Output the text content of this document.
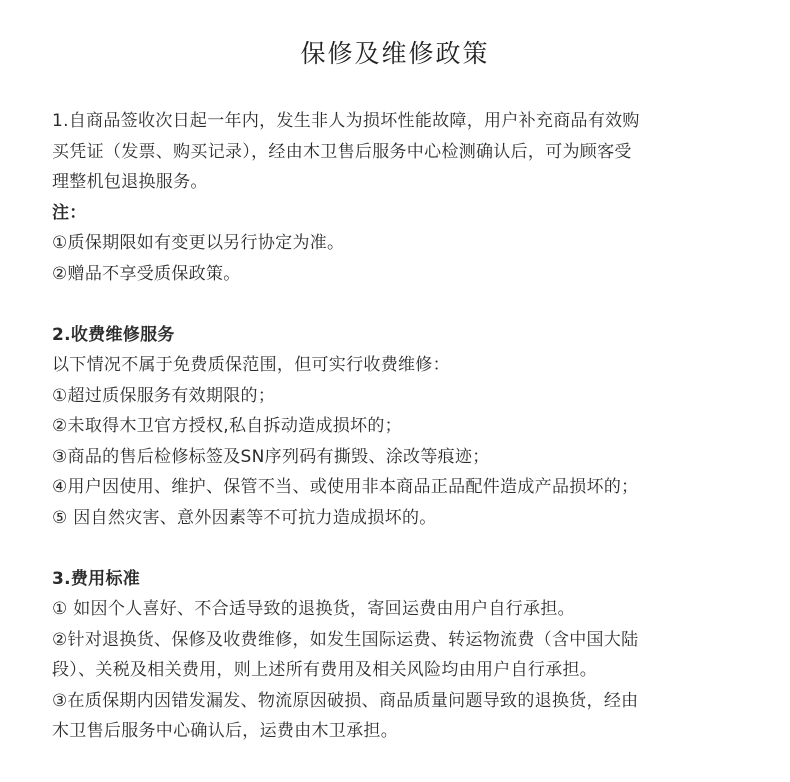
保修及维修政策
1.自商品签收次日起一年内，发生非人为损坏性能故障，用户补充商品有效购
买凭证（发票、购买记录），经由木卫售后服务中心检测确认后，可为顾客受
理整机包退换服务。
注：
①质保期限如有变更以另行协定为准。
②赠品不享受质保政策。
2.收费维修服务
以下情况不属于免费质保范围，但可实行收费维修：
①超过质保服务有效期限的；
②未取得木卫官方授权,私自拆动造成损坏的；
③商品的售后检修标签及SN序列码有撕毁、涂改等痕迹；
④用户因使用、维护、保管不当、或使用非本商品正品配件造成产品损坏的；
⑤ 因自然灾害、意外因素等不可抗力造成损坏的。
3.费用标准
① 如因个人喜好、不合适导致的退换货，寄回运费由用户自行承担。
②针对退换货、保修及收费维修，如发生国际运费、转运物流费（含中国大陆
段）、关税及相关费用，则上述所有费用及相关风险均由用户自行承担。
③在质保期内因错发漏发、物流原因破损、商品质量问题导致的退换货，经由
木卫售后服务中心确认后，运费由木卫承担。
